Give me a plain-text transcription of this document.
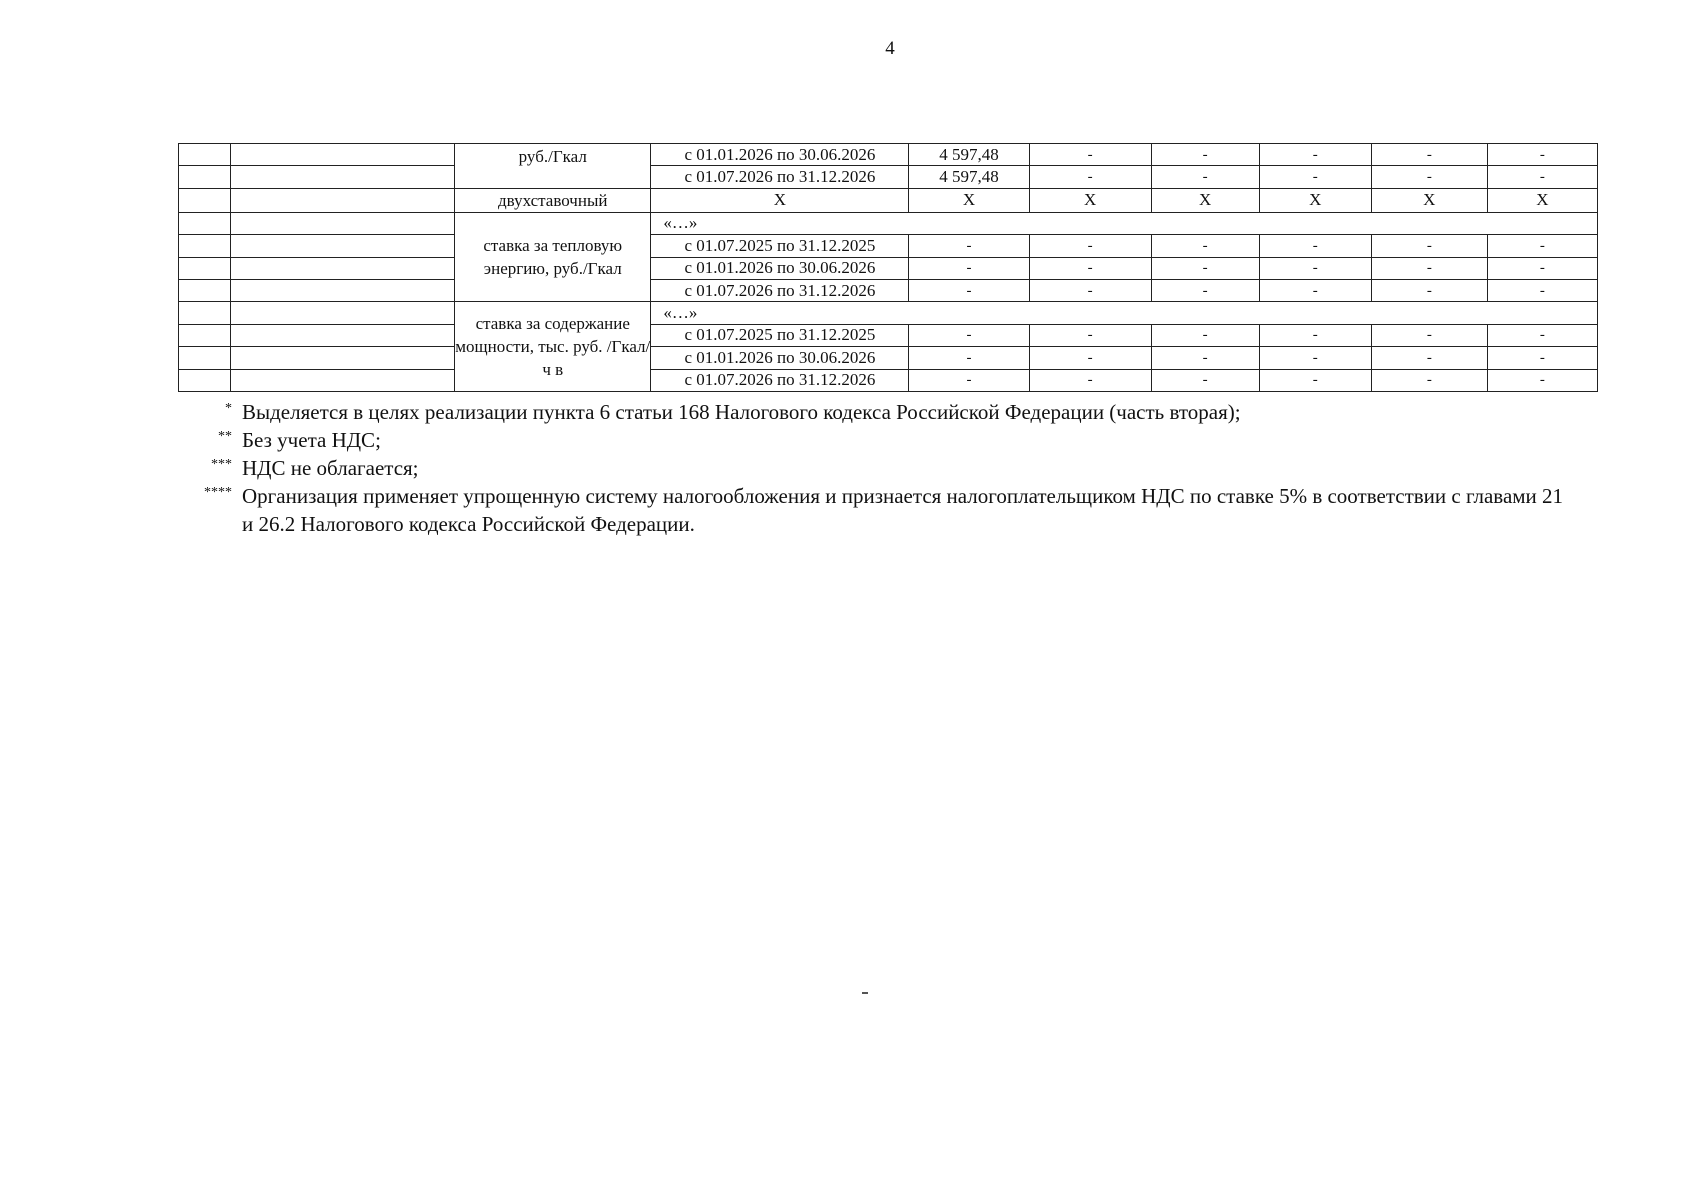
4
		руб./Гкал	с 01.01.2026 по 30.06.2026	4 597,48	-	-	-	-	-
			с 01.07.2026 по 31.12.2026	4 597,48	-	-	-	-	-
		двухставочный	X	X	X	X	X	X	X
		ставка за тепловую энергию, руб./Гкал	«…»						
			с 01.07.2025 по 31.12.2025	-	-	-	-	-	-
			с 01.01.2026 по 30.06.2026	-	-	-	-	-	-
			с 01.07.2026 по 31.12.2026	-	-	-	-	-	-
		ставка за содержание мощности, тыс. руб. /Гкал/ч в	«…»						
			с 01.07.2025 по 31.12.2025	-	-	-	-	-	-
			с 01.01.2026 по 30.06.2026	-	-	-	-	-	-
			с 01.07.2026 по 31.12.2026	-	-	-	-	-	-
* Выделяется в целях реализации пункта 6 статьи 168 Налогового кодекса Российской Федерации (часть вторая);
** Без учета НДС;
*** НДС не облагается;
**** Организация применяет упрощенную систему налогообложения и признается налогоплательщиком НДС по ставке 5% в соответствии с главами 21 и 26.2 Налогового кодекса Российской Федерации.
